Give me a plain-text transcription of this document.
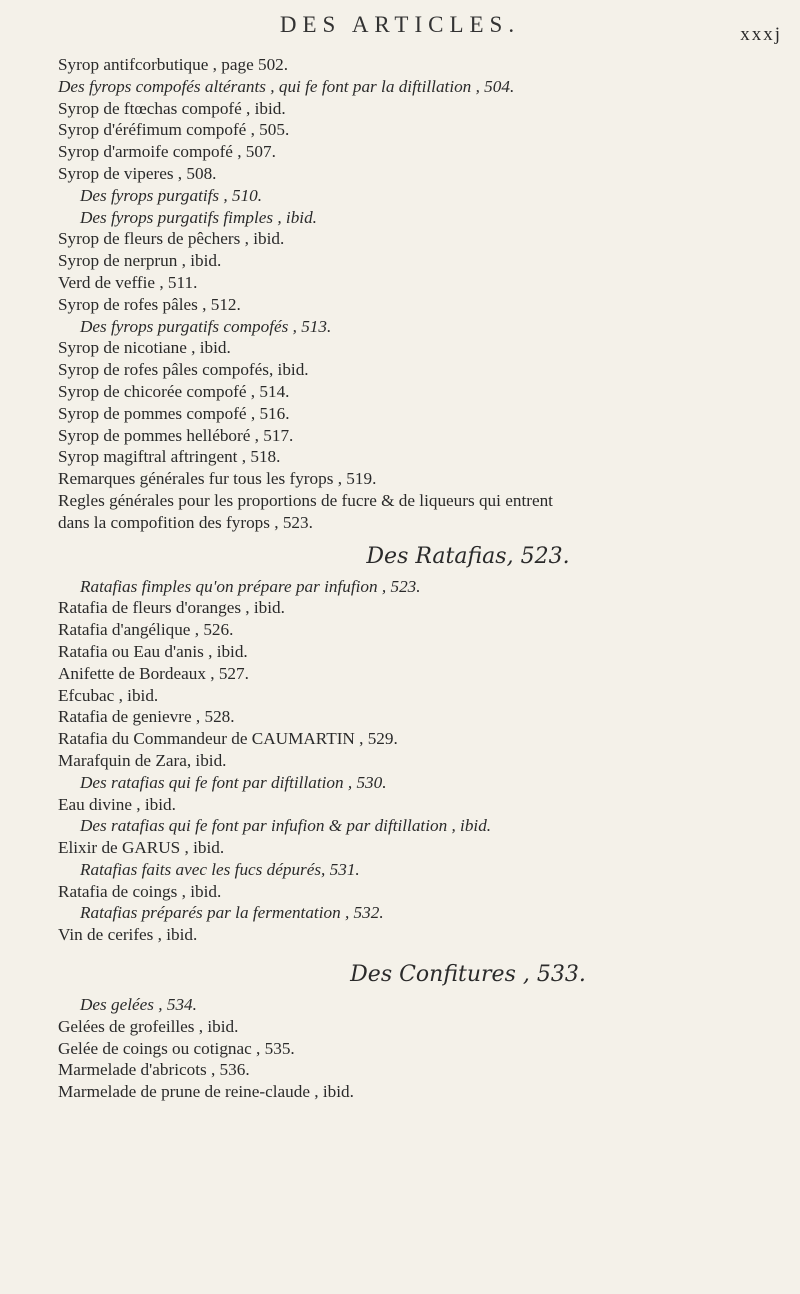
DES ARTICLES.	xxxj
Syrop antifcorbutique , page 502.
Des fyrops compofés altérants , qui fe font par la diftillation , 504.
Syrop de ftœchas compofé , ibid.
Syrop d'éréfimum compofé , 505.
Syrop d'armoife compofé , 507.
Syrop de viperes , 508.
Des fyrops purgatifs , 510.
Des fyrops purgatifs fimples , ibid.
Syrop de fleurs de pêchers , ibid.
Syrop de nerprun , ibid.
Verd de veffie , 511.
Syrop de rofes pâles , 512.
Des fyrops purgatifs compofés , 513.
Syrop de nicotiane , ibid.
Syrop de rofes pâles compofés, ibid.
Syrop de chicorée compofé , 514.
Syrop de pommes compofé , 516.
Syrop de pommes helléboré , 517.
Syrop magiftral aftringent , 518.
Remarques générales fur tous les fyrops , 519.
Regles générales pour les proportions de fucre & de liqueurs qui entrent
dans la compofition des fyrops , 523.
Des Ratafias, 523.
Ratafias fimples qu'on prépare par infufion , 523.
Ratafia de fleurs d'oranges , ibid.
Ratafia d'angélique , 526.
Ratafia ou Eau d'anis , ibid.
Anifette de Bordeaux , 527.
Efcubac , ibid.
Ratafia de genievre , 528.
Ratafia du Commandeur de CAUMARTIN , 529.
Marafquin de Zara, ibid.
Des ratafias qui fe font par diftillation , 530.
Eau divine , ibid.
Des ratafias qui fe font par infufion & par diftillation , ibid.
Elixir de GARUS , ibid.
Ratafias faits avec les fucs dépurés, 531.
Ratafia de coings , ibid.
Ratafias préparés par la fermentation , 532.
Vin de cerifes , ibid.
Des Confitures , 533.
Des gelées , 534.
Gelées de grofeilles , ibid.
Gelée de coings ou cotignac , 535.
Marmelade d'abricots , 536.
Marmelade de prune de reine-claude , ibid.
